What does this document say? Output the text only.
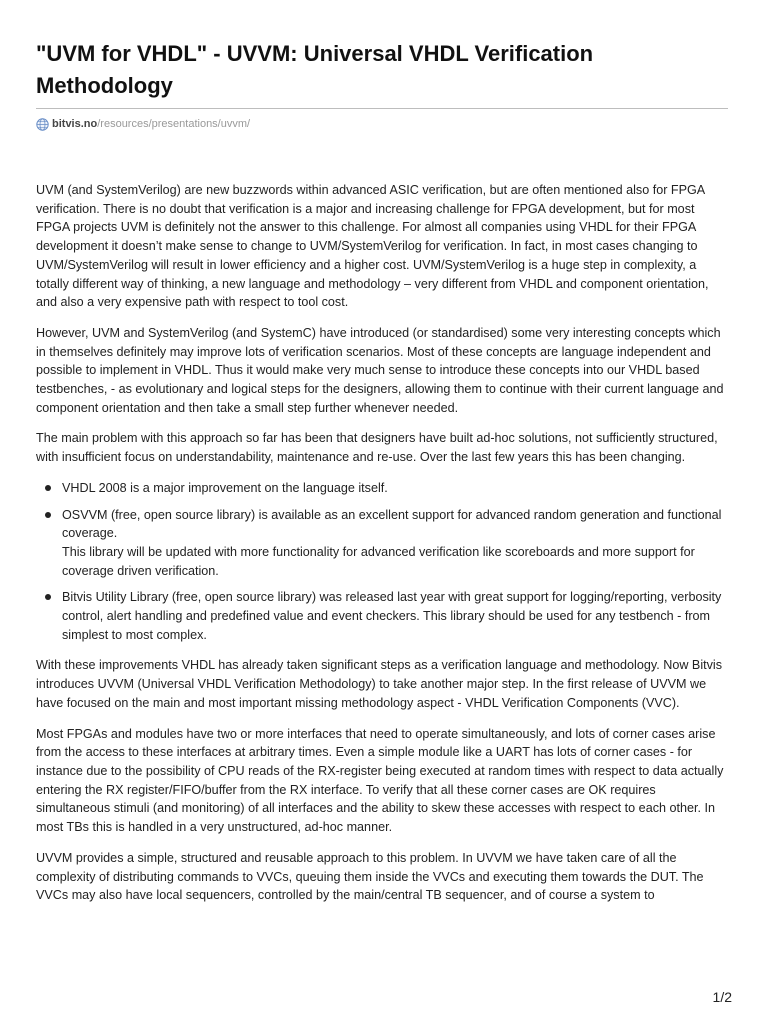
"UVM for VHDL" - UVVM: Universal VHDL Verification Methodology
bitvis.no /resources/presentations/uvvm/

UVM (and SystemVerilog) are new buzzwords within advanced ASIC verification, but are often mentioned also for FPGA verification. There is no doubt that verification is a major and increasing challenge for FPGA development, but for most FPGA projects UVM is definitely not the answer to this challenge. For almost all companies using VHDL for their FPGA development it doesn’t make sense to change to UVM/SystemVerilog for verification. In fact, in most cases changing to UVM/SystemVerilog will result in lower efficiency and a higher cost. UVM/SystemVerilog is a huge step in complexity, a totally different way of thinking, a new language and methodology – very different from VHDL and component orientation, and also a very expensive path with respect to tool cost.

However, UVM and SystemVerilog (and SystemC) have introduced (or standardised) some very interesting concepts which in themselves definitely may improve lots of verification scenarios. Most of these concepts are language independent and possible to implement in VHDL. Thus it would make very much sense to introduce these concepts into our VHDL based testbenches, - as evolutionary and logical steps for the designers, allowing them to continue with their current language and component orientation and then take a small step further whenever needed.

The main problem with this approach so far has been that designers have built ad-hoc solutions, not sufficiently structured, with insufficient focus on understandability, maintenance and re-use. Over the last few years this has been changing.

VHDL 2008 is a major improvement on the language itself.
OSVVM (free, open source library) is available as an excellent support for advanced random generation and functional coverage.
This library will be updated with more functionality for advanced verification like scoreboards and more support for coverage driven verification.
Bitvis Utility Library (free, open source library) was released last year with great support for logging/reporting, verbosity control, alert handling and predefined value and event checkers. This library should be used for any testbench - from simplest to most complex.

With these improvements VHDL has already taken significant steps as a verification language and methodology. Now Bitvis introduces UVVM (Universal VHDL Verification Methodology) to take another major step. In the first release of UVVM we have focused on the main and most important missing methodology aspect - VHDL Verification Components (VVC).

Most FPGAs and modules have two or more interfaces that need to operate simultaneously, and lots of corner cases arise from the access to these interfaces at arbitrary times. Even a simple module like a UART has lots of corner cases - for instance due to the possibility of CPU reads of the RX-register being executed at random times with respect to data actually entering the RX register/FIFO/buffer from the RX interface. To verify that all these corner cases are OK requires simultaneous stimuli (and monitoring) of all interfaces and the ability to skew these accesses with respect to each other. In most TBs this is handled in a very unstructured, ad-hoc manner.

UVVM provides a simple, structured and reusable approach to this problem. In UVVM we have taken care of all the complexity of distributing commands to VVCs, queuing them inside the VVCs and executing them towards the DUT. The VVCs may also have local sequencers, controlled by the main/central TB sequencer, and of course a system to

1/2
